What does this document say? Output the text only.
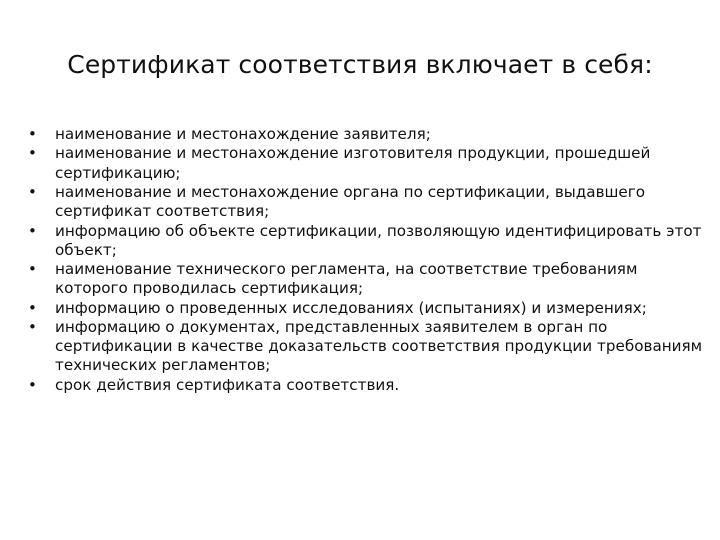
Сертификат соответствия включает в себя:
• наименование и местонахождение заявителя;
• наименование и местонахождение изготовителя продукции, прошедшей сертификацию;
• наименование и местонахождение органа по сертификации, выдавшего сертификат соответствия;
• информацию об объекте сертификации, позволяющую идентифицировать этот объект;
• наименование технического регламента, на соответствие требованиям которого проводилась сертификация;
• информацию о проведенных исследованиях (испытаниях) и измерениях;
• информацию о документах, представленных заявителем в орган по сертификации в качестве доказательств соответствия продукции требованиям технических регламентов;
• срок действия сертификата соответствия.
